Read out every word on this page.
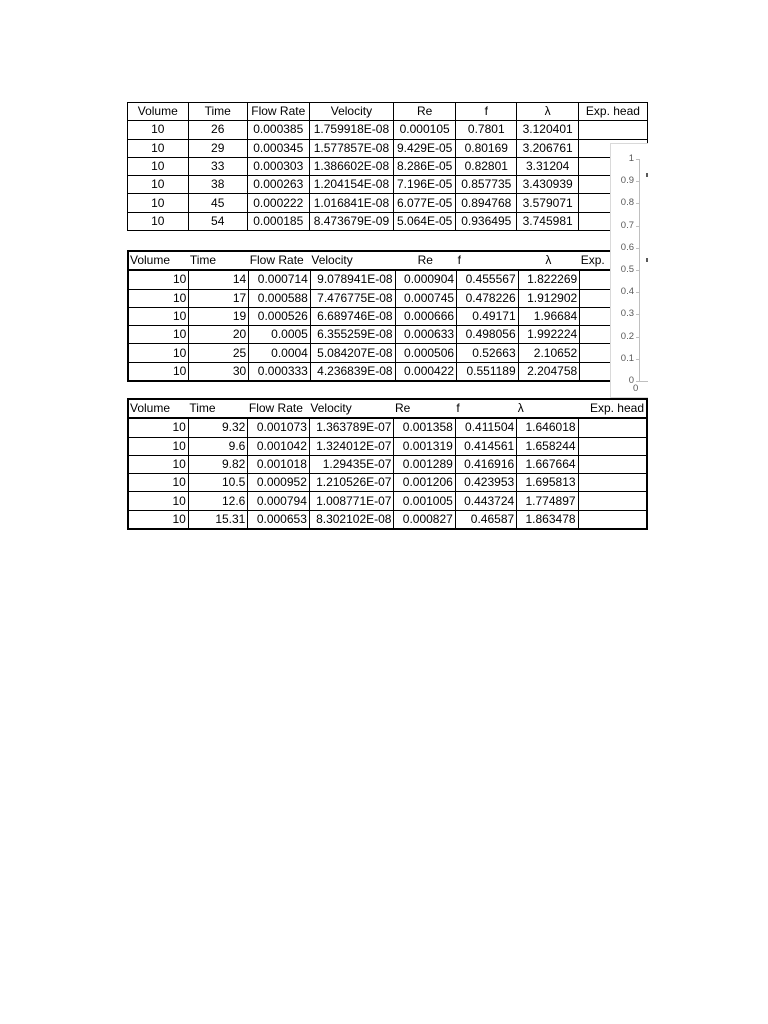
Volume	Time	Flow Rate	Velocity	Re	f	λ	Exp. head
10	26	0.000385	1.759918E-08	0.000105	0.7801	3.120401	
10	29	0.000345	1.577857E-08	9.429E-05	0.80169	3.206761	
10	33	0.000303	1.386602E-08	8.286E-05	0.82801	3.31204	
10	38	0.000263	1.204154E-08	7.196E-05	0.857735	3.430939	
10	45	0.000222	1.016841E-08	6.077E-05	0.894768	3.579071	
10	54	0.000185	8.473679E-09	5.064E-05	0.936495	3.745981	
Volume	Time	Flow Rate	Velocity	Re	f	λ	Exp.
10	14	0.000714	9.078941E-08	0.000904	0.455567	1.822269	
10	17	0.000588	7.476775E-08	0.000745	0.478226	1.912902	
10	19	0.000526	6.689746E-08	0.000666	0.49171	1.96684	
10	20	0.0005	6.355259E-08	0.000633	0.498056	1.992224	
10	25	0.0004	5.084207E-08	0.000506	0.52663	2.10652	
10	30	0.000333	4.236839E-08	0.000422	0.551189	2.204758	
Volume	Time	Flow Rate	Velocity	Re	f	λ	Exp. head
10	9.32	0.001073	1.363789E-07	0.001358	0.411504	1.646018	
10	9.6	0.001042	1.324012E-07	0.001319	0.414561	1.658244	
10	9.82	0.001018	1.29435E-07	0.001289	0.416916	1.667664	
10	10.5	0.000952	1.210526E-07	0.001206	0.423953	1.695813	
10	12.6	0.000794	1.008771E-07	0.001005	0.443724	1.774897	
10	15.31	0.000653	8.302102E-08	0.000827	0.46587	1.863478	
1
0.9
0.8
0.7
0.6
0.5
0.4
0.3
0.2
0.1
0
0
